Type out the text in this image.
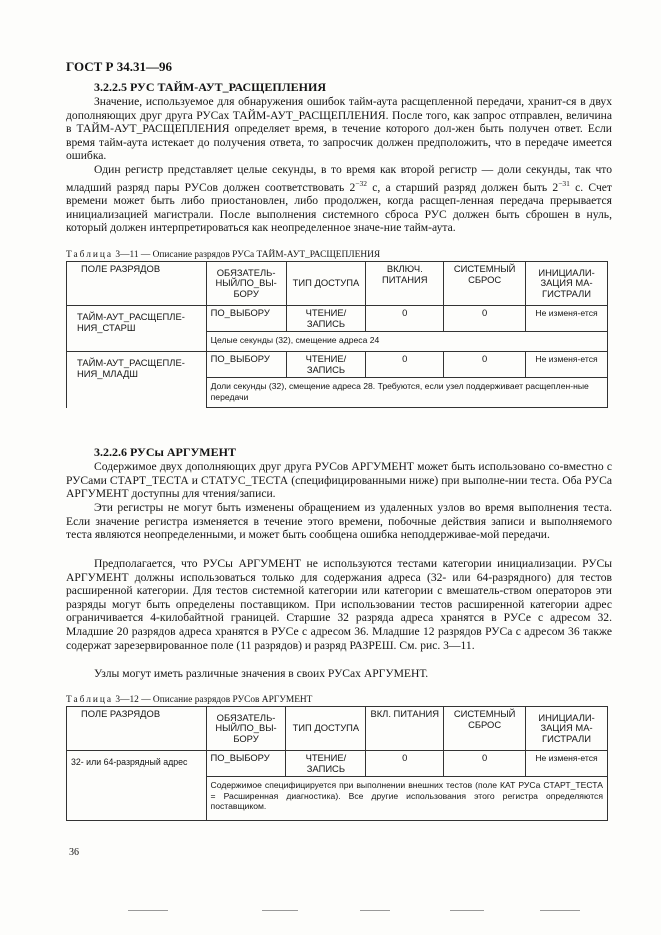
ГОСТ Р 34.31—96
3.2.2.5 РУС ТАЙМ-АУТ_РАСЩЕПЛЕНИЯ

Значение, используемое для обнаружения ошибок тайм-аута расщепленной передачи, хранит-ся в двух дополняющих друг друга РУСах ТАЙМ-АУТ_РАСЩЕПЛЕНИЯ. После того, как запрос отправлен, величина в ТАЙМ-АУТ_РАСЩЕПЛЕНИЯ определяет время, в течение которого дол-жен быть получен ответ. Если время тайм-аута истекает до получения ответа, то запросчик должен предположить, что в передаче имеется ошибка.

Один регистр представляет целые секунды, в то время как второй регистр — доли секунды, так что младший разряд пары РУСов должен соответствовать $2^{-32}$ с, а старший разряд должен быть $2^{-31}$ с. Счет времени может быть либо приостановлен, либо продолжен, когда расщеп-ленная передача прерывается инициализацией магистрали. После выполнения системного сброса РУС должен быть сброшен в нуль, который должен интерпретироваться как неопределенное значе-ние тайм-аута.

Таблица 3—11 — Описание разрядов РУСа ТАЙМ-АУТ_РАСЩЕПЛЕНИЯ
ПОЛЕ РАЗРЯДОВ	ОБЯЗАТЕЛЬ-НЫЙ/ПО_ВЫ-БОРУ	ТИП ДОСТУПА	ВКЛЮЧ. ПИТАНИЯ	СИСТЕМНЫЙ СБРОС	ИНИЦИАЛИ-ЗАЦИЯ МА-ГИСТРАЛИ
ТАЙМ-АУТ_РАСЩЕПЛЕ-НИЯ_СТАРШ	ПО_ВЫБОРУ	ЧТЕНИЕ/ ЗАПИСЬ	0	0	Не изменя-ется
	Целые секунды (32), смещение адреса 24				
ТАЙМ-АУТ_РАСЩЕПЛЕ-НИЯ_МЛАДШ	ПО_ВЫБОРУ	ЧТЕНИЕ/ ЗАПИСЬ	0	0	Не изменя-ется
	Доли секунды (32), смещение адреса 28. Требуются, если узел поддерживает расщеплен-ные передачи				
3.2.2.6 РУСы АРГУМЕНТ

Содержимое двух дополняющих друг друга РУСов АРГУМЕНТ может быть использовано со-вместно с РУСами СТАРТ_ТЕСТА и СТАТУС_ТЕСТА (специфицированными ниже) при выполне-нии теста. Оба РУСа АРГУМЕНТ доступны для чтения/записи.

Эти регистры не могут быть изменены обращением из удаленных узлов во время выполнения теста. Если значение регистра изменяется в течение этого времени, побочные действия записи и выполняемого теста являются неопределенными, и может быть сообщена ошибка неподдерживае-мой передачи.

Предполагается, что РУСы АРГУМЕНТ не используются тестами категории инициализации. РУСы АРГУМЕНТ должны использоваться только для содержания адреса (32- или 64-разрядного) для тестов расширенной категории. Для тестов системной категории или категории с вмешатель-ством операторов эти разряды могут быть определены поставщиком. При использовании тестов расширенной категории адрес ограничивается 4-килобайтной границей. Старшие 32 разряда адреса хранятся в РУСе с адресом 32. Младшие 20 разрядов адреса хранятся в РУСе с адресом 36. Младшие 12 разрядов РУСа с адресом 36 также содержат зарезервированное поле (11 разрядов) и разряд РАЗРЕШ. См. рис. 3—11.

Узлы могут иметь различные значения в своих РУСах АРГУМЕНТ.

Таблица 3—12 — Описание разрядов РУСов АРГУМЕНТ
ПОЛЕ РАЗРЯДОВ	ОБЯЗАТЕЛЬ-НЫЙ/ПО_ВЫ-БОРУ	ТИП ДОСТУПА	ВКЛ. ПИТАНИЯ	СИСТЕМНЫЙ СБРОС	ИНИЦИАЛИ-ЗАЦИЯ МА-ГИСТРАЛИ
32- или 64-разрядный адрес	ПО_ВЫБОРУ	ЧТЕНИЕ/ ЗАПИСЬ	0	0	Не изменя-ется
	Содержимое специфицируется при выполнении внешних тестов (поле КАТ РУСа СТАРТ_ТЕСТА = Расширенная диагностика). Все другие использования этого регистра определяются поставщиком.				
36
